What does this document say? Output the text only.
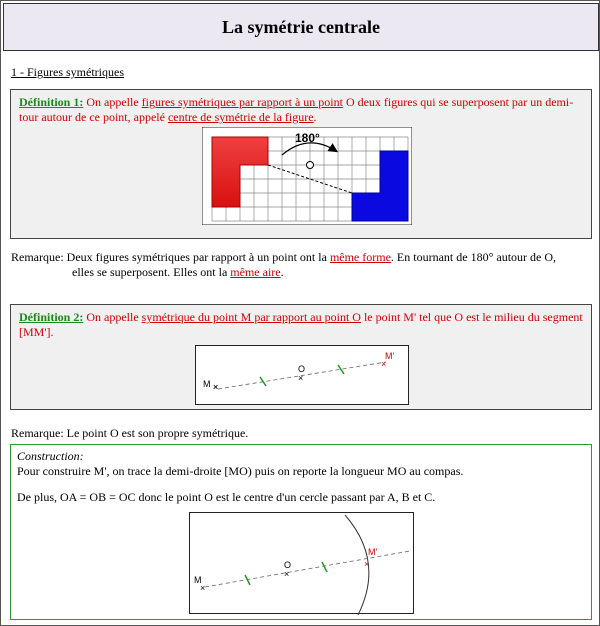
La symétrie centrale
1 - Figures symétriques
Définition 1: On appelle figures symétriques par rapport à un point O deux figures qui se superposent par un demi-tour autour de ce point, appelé centre de symétrie de la figure.
180°
Remarque: Deux figures symétriques par rapport à un point ont la même forme. En tournant de 180° autour de O,
elles se superposent. Elles ont la même aire.
Définition 2: On appelle symétrique du point M par rapport au point O le point M' tel que O est le milieu du segment [MM'].
×
×
×
M
O
M'
Remarque: Le point O est son propre symétrique.
Construction:
Pour construire M', on trace la demi-droite [MO) puis on reporte la longueur MO au compas.
De plus, OA = OB = OC donc le point O est le centre d'un cercle passant par A, B et C.
×
×
×
M
O
M'
